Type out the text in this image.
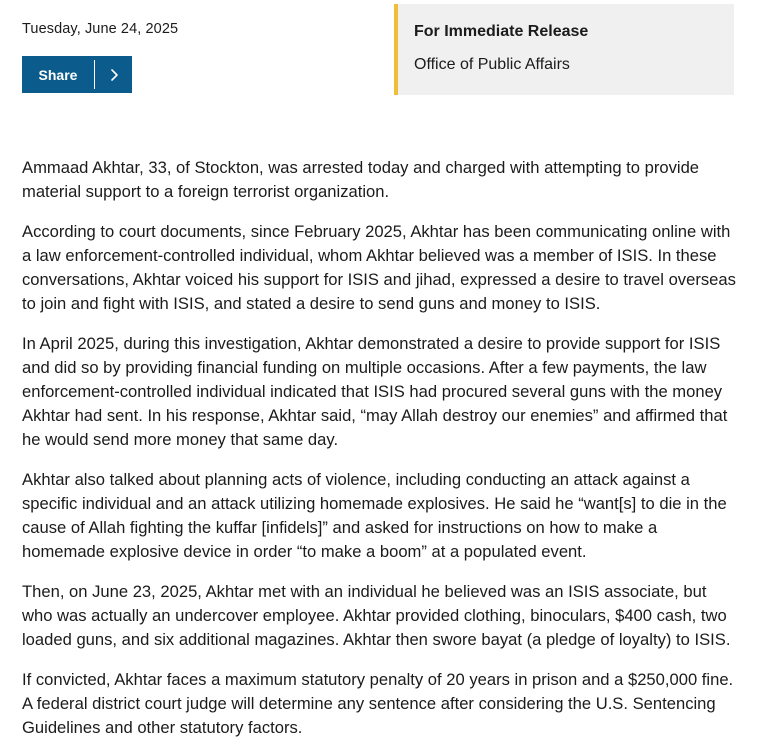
Tuesday, June 24, 2025
Share
For Immediate Release
Office of Public Affairs

Ammaad Akhtar, 33, of Stockton, was arrested today and charged with attempting to provide material support to a foreign terrorist organization.

According to court documents, since February 2025, Akhtar has been communicating online with a law enforcement-controlled individual, whom Akhtar believed was a member of ISIS. In these conversations, Akhtar voiced his support for ISIS and jihad, expressed a desire to travel overseas to join and fight with ISIS, and stated a desire to send guns and money to ISIS.

In April 2025, during this investigation, Akhtar demonstrated a desire to provide support for ISIS and did so by providing financial funding on multiple occasions. After a few payments, the law enforcement-controlled individual indicated that ISIS had procured several guns with the money Akhtar had sent. In his response, Akhtar said, “may Allah destroy our enemies” and affirmed that he would send more money that same day.

Akhtar also talked about planning acts of violence, including conducting an attack against a specific individual and an attack utilizing homemade explosives. He said he “want[s] to die in the cause of Allah fighting the kuffar [infidels]” and asked for instructions on how to make a homemade explosive device in order “to make a boom” at a populated event.

Then, on June 23, 2025, Akhtar met with an individual he believed was an ISIS associate, but who was actually an undercover employee. Akhtar provided clothing, binoculars, $400 cash, two loaded guns, and six additional magazines. Akhtar then swore bayat (a pledge of loyalty) to ISIS.

If convicted, Akhtar faces a maximum statutory penalty of 20 years in prison and a $250,000 fine. A federal district court judge will determine any sentence after considering the U.S. Sentencing Guidelines and other statutory factors.
